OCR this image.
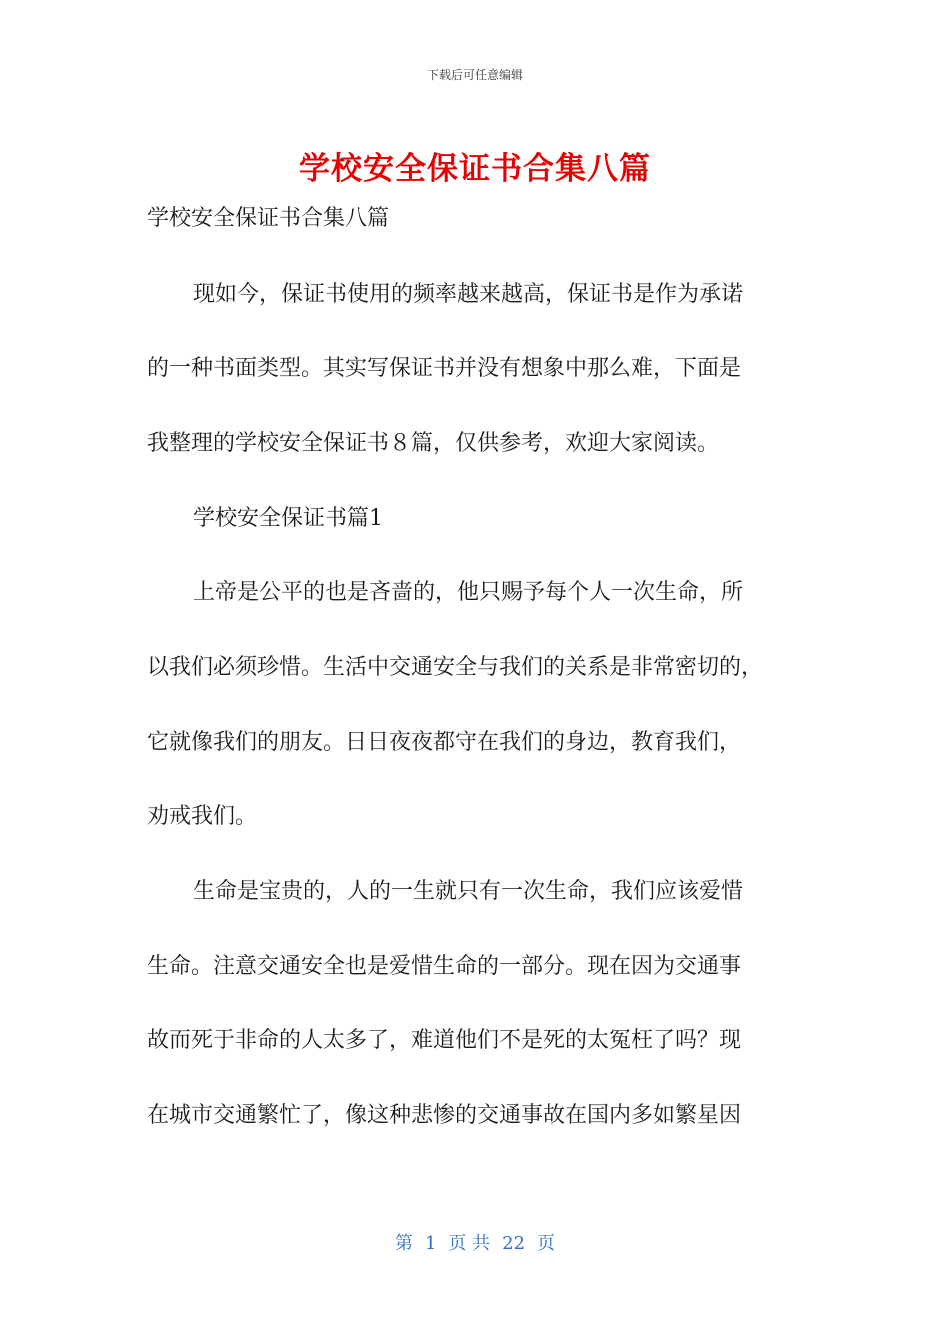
下载后可任意编辑
学校安全保证书合集八篇
学校安全保证书合集八篇
现如今，保证书使用的频率越来越高，保证书是作为承诺
的一种书面类型。其实写保证书并没有想象中那么难，下面是
我整理的学校安全保证书８篇，仅供参考，欢迎大家阅读。
学校安全保证书篇1
上帝是公平的也是吝啬的，他只赐予每个人一次生命，所
以我们必须珍惜。生活中交通安全与我们的关系是非常密切的，
它就像我们的朋友。日日夜夜都守在我们的身边，教育我们，
劝戒我们。
生命是宝贵的，人的一生就只有一次生命，我们应该爱惜
生命。注意交通安全也是爱惜生命的一部分。现在因为交通事
故而死于非命的人太多了，难道他们不是死的太冤枉了吗？现
在城市交通繁忙了，像这种悲惨的交通事故在国内多如繁星因
第 1 页 共 22 页
